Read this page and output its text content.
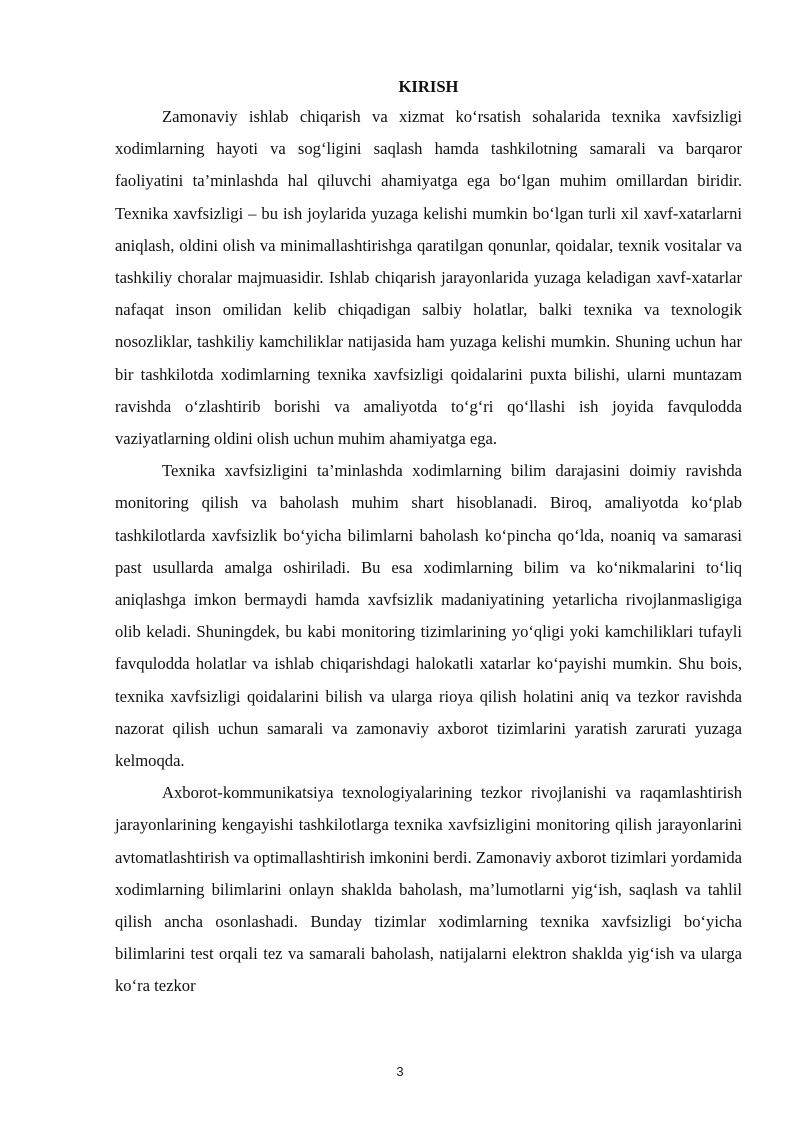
KIRISH

Zamonaviy ishlab chiqarish va xizmat ko‘rsatish sohalarida texnika xavfsizligi xodimlarning hayoti va sog‘ligini saqlash hamda tashkilotning samarali va barqaror faoliyatini ta’minlashda hal qiluvchi ahamiyatga ega bo‘lgan muhim omillardan biridir. Texnika xavfsizligi – bu ish joylarida yuzaga kelishi mumkin bo‘lgan turli xil xavf-xatarlarni aniqlash, oldini olish va minimallashtirishga qaratilgan qonunlar, qoidalar, texnik vositalar va tashkiliy choralar majmuasidir. Ishlab chiqarish jarayonlarida yuzaga keladigan xavf-xatarlar nafaqat inson omilidan kelib chiqadigan salbiy holatlar, balki texnika va texnologik nosozliklar, tashkiliy kamchiliklar natijasida ham yuzaga kelishi mumkin. Shuning uchun har bir tashkilotda xodimlarning texnika xavfsizligi qoidalarini puxta bilishi, ularni muntazam ravishda o‘zlashtirib borishi va amaliyotda to‘g‘ri qo‘llashi ish joyida favqulodda vaziyatlarning oldini olish uchun muhim ahamiyatga ega.

Texnika xavfsizligini ta’minlashda xodimlarning bilim darajasini doimiy ravishda monitoring qilish va baholash muhim shart hisoblanadi. Biroq, amaliyotda ko‘plab tashkilotlarda xavfsizlik bo‘yicha bilimlarni baholash ko‘pincha qo‘lda, noaniq va samarasi past usullarda amalga oshiriladi. Bu esa xodimlarning bilim va ko‘nikmalarini to‘liq aniqlashga imkon bermaydi hamda xavfsizlik madaniyatining yetarlicha rivojlanmasligiga olib keladi. Shuningdek, bu kabi monitoring tizimlarining yo‘qligi yoki kamchiliklari tufayli favqulodda holatlar va ishlab chiqarishdagi halokatli xatarlar ko‘payishi mumkin. Shu bois, texnika xavfsizligi qoidalarini bilish va ularga rioya qilish holatini aniq va tezkor ravishda nazorat qilish uchun samarali va zamonaviy axborot tizimlarini yaratish zarurati yuzaga kelmoqda.

Axborot-kommunikatsiya texnologiyalarining tezkor rivojlanishi va raqamlashtirish jarayonlarining kengayishi tashkilotlarga texnika xavfsizligini monitoring qilish jarayonlarini avtomatlashtirish va optimallashtirish imkonini berdi. Zamonaviy axborot tizimlari yordamida xodimlarning bilimlarini onlayn shaklda baholash, ma’lumotlarni yig‘ish, saqlash va tahlil qilish ancha osonlashadi. Bunday tizimlar xodimlarning texnika xavfsizligi bo‘yicha bilimlarini test orqali tez va samarali baholash, natijalarni elektron shaklda yig‘ish va ularga ko‘ra tezkor

3
